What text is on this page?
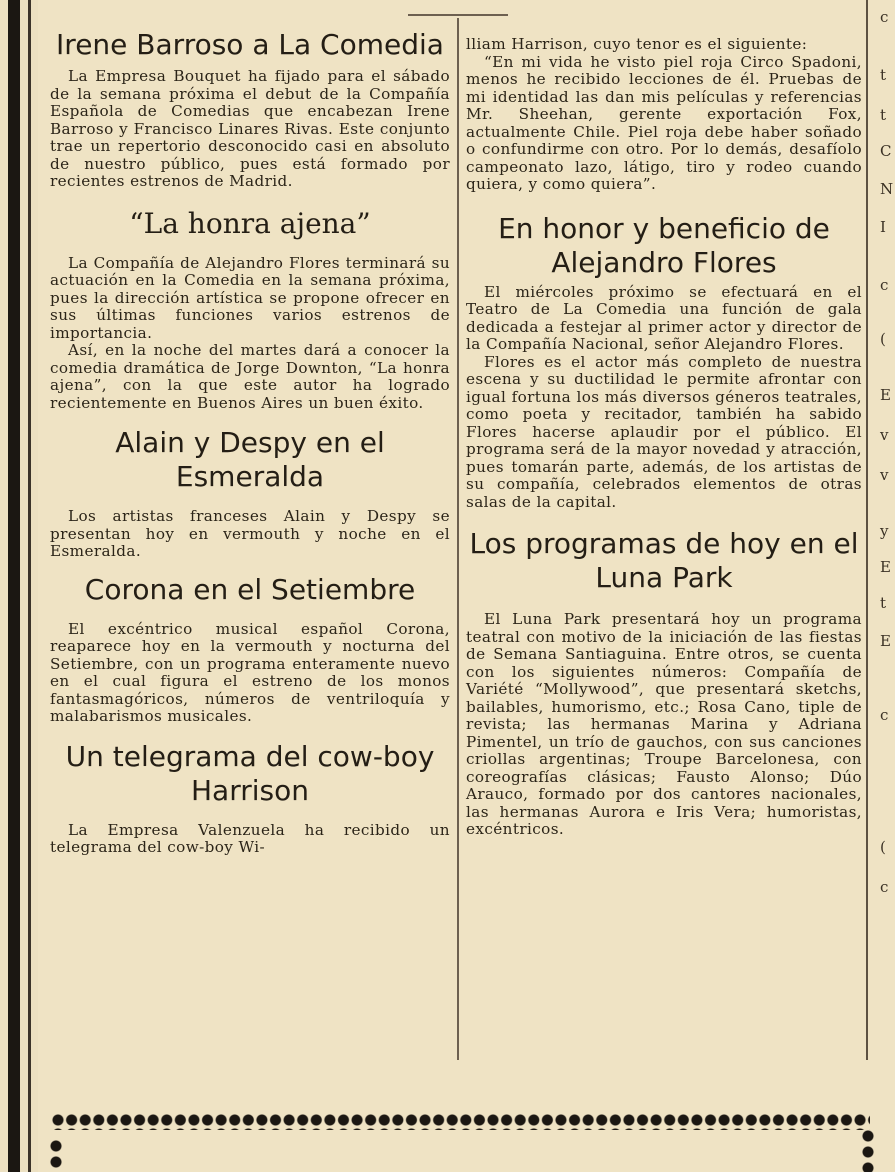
Irene Barroso a La Comedia

La Empresa Bouquet ha fijado para el sábado de la semana próxima el debut de la Compañía Española de Comedias que encabezan Irene Barroso y Francisco Linares Rivas. Este conjunto trae un repertorio desconocido casi en absoluto de nuestro público, pues está formado por recientes estrenos de Madrid.

“La honra ajena”

La Compañía de Alejandro Flores terminará su actuación en la Comedia en la semana próxima, pues la dirección artística se propone ofrecer en sus últimas funciones varios estrenos de importancia.

Así, en la noche del martes dará a conocer la comedia dramática de Jorge Downton, “La honra ajena”, con la que este autor ha logrado recientemente en Buenos Aires un buen éxito.

Alain y Despy en el Esmeralda

Los artistas franceses Alain y Despy se presentan hoy en vermouth y noche en el Esmeralda.

Corona en el Setiembre

El excéntrico musical español Corona, reaparece hoy en la vermouth y nocturna del Setiembre, con un programa enteramente nuevo en el cual figura el estreno de los monos fantasmagóricos, números de ventriloquía y malabarismos musicales.

Un telegrama del cow-boy Harrison

La Empresa Valenzuela ha recibido un telegrama del cow-boy Wi-

lliam Harrison, cuyo tenor es el siguiente:

“En mi vida he visto piel roja Circo Spadoni, menos he recibido lecciones de él. Pruebas de mi identidad las dan mis películas y referencias Mr. Sheehan, gerente exportación Fox, actualmente Chile. Piel roja debe haber soñado o confundirme con otro. Por lo demás, desafíolo campeonato lazo, látigo, tiro y rodeo cuando quiera, y como quiera”.

En honor y beneficio de Alejandro Flores

El miércoles próximo se efectuará en el Teatro de La Comedia una función de gala dedicada a festejar al primer actor y director de la Compañía Nacional, señor Alejandro Flores.

Flores es el actor más completo de nuestra escena y su ductilidad le permite afrontar con igual fortuna los más diversos géneros teatrales, como poeta y recitador, también ha sabido Flores hacerse aplaudir por el público. El programa será de la mayor novedad y atracción, pues tomarán parte, además, de los artistas de su compañía, celebrados elementos de otras salas de la capital.

Los programas de hoy en el Luna Park

El Luna Park presentará hoy un programa teatral con motivo de la iniciación de las fiestas de Semana Santiaguina. Entre otros, se cuenta con los siguientes números: Compañía de Variété “Mollywood”, que presentará sketchs, bailables, humorismo, etc.; Rosa Cano, tiple de revista; las hermanas Marina y Adriana Pimentel, un trío de gauchos, con sus canciones criollas argentinas; Troupe Barcelonesa, con coreografías clásicas; Fausto Alonso; Dúo Arauco, formado por dos cantores nacionales, las hermanas Aurora e Iris Vera; humoristas, excéntricos.

c
t
t
C
N
I
c
(
E
v
v
y
E
t
E
c
(
c
